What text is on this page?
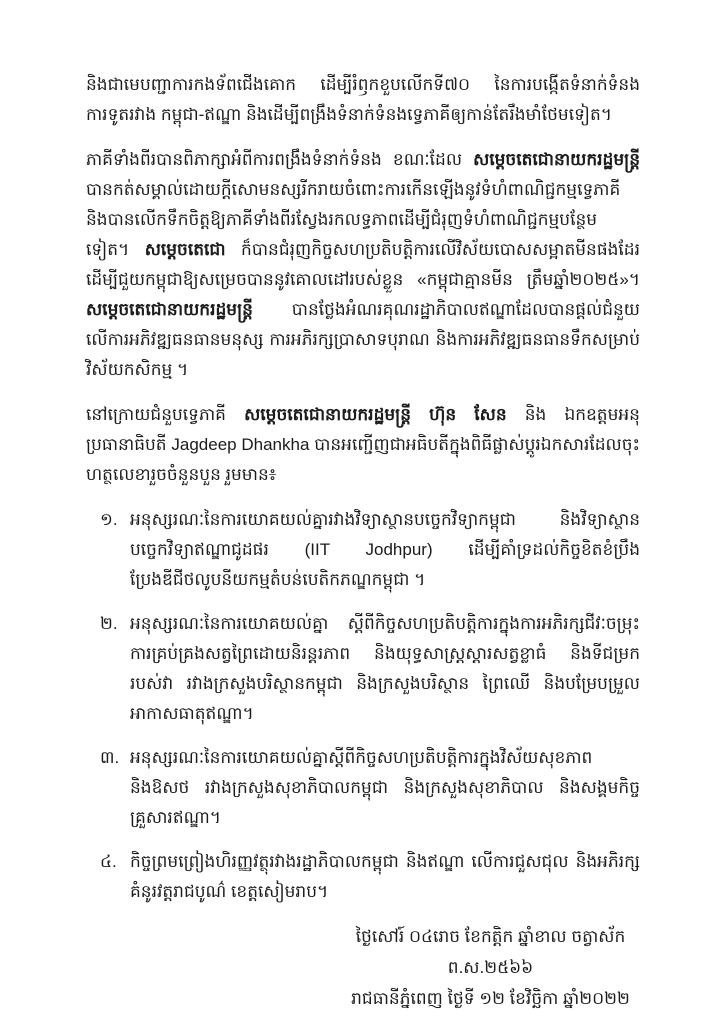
និងជាមេបញ្ជាការកងទ័ពជើងគោក ដើម្បីរំឭកខួបលើកទី៧០ នៃការបង្កើតទំនាក់ទំនងការទូតរវាង កម្ពុជា-ឥណ្ឌា និងដើម្បីពង្រឹងទំនាក់ទំនងទ្វេភាគីឲ្យកាន់តែរឹងមាំថែមទៀត។

ភាគីទាំងពីរបានពិភាក្សាអំពីការពង្រឹងទំនាក់ទំនង ខណៈដែល សម្តេចតេជោនាយករដ្ឋមន្ត្រី បានកត់សម្គាល់ដោយក្តីសោមនស្សរីករាយចំពោះការកើនឡើងនូវទំហំពាណិជ្ជកម្មទ្វេភាគី និងបានលើកទឹកចិត្តឱ្យភាគីទាំងពីរស្វែងរកលទ្ធភាពដើម្បីជំរុញទំហំពាណិជ្ជកម្មបន្ថែមទៀត។ សម្តេចតេជោ ក៏បានជំរុញកិច្ចសហប្រតិបត្តិការលើវិស័យបោសសម្អាតមីនផងដែរ ដើម្បីជួយកម្ពុជាឱ្យសម្រេចបាននូវគោលដៅរបស់ខ្លួន «កម្ពុជាគ្មានមីន ត្រឹមឆ្នាំ២០២៥»។ សម្តេចតេជោនាយករដ្ឋមន្ត្រី បានថ្លែងអំណរគុណរដ្ឋាភិបាលឥណ្ឌាដែលបានផ្តល់ជំនួយលើការអភិវឌ្ឍធនធានមនុស្ស ការអភិរក្សប្រាសាទបុរាណ និងការអភិវឌ្ឍធនធានទឹកសម្រាប់វិស័យកសិកម្ម ។

នៅក្រោយជំនួបទ្វេភាគី សម្តេចតេជោនាយករដ្ឋមន្ត្រី ហ៊ុន សែន និង ឯកឧត្តមអនុប្រធានាធិបតី Jagdeep Dhankha បានអញ្ជើញជាអធិបតីក្នុងពិធីផ្លាស់ប្តូរឯកសារដែលចុះហត្ថលេខារួចចំនួនបួន រួមមាន៖

១. អនុស្សរណៈនៃការយោគយល់គ្នារវាងវិទ្យាស្ថានបច្ចេកវិទ្យាកម្ពុជា និងវិទ្យាស្ថានបច្ចេកវិទ្យាឥណ្ឌាជូដផរ (IIT Jodhpur) ដើម្បីគាំទ្រដល់កិច្ចខិតខំប្រឹងប្រែងឌីជីថលូបនីយកម្មតំបន់បេតិកភណ្ឌកម្ពុជា ។
២. អនុស្សរណៈនៃការយោគយល់គ្នា ស្តីពីកិច្ចសហប្រតិបត្តិការក្នុងការអភិរក្សជីវៈចម្រុះ ការគ្រប់គ្រងសត្វព្រៃដោយនិរន្តរភាព និងយុទ្ធសាស្ត្រស្តារសត្វខ្លាធំ និងទីជម្រករបស់វា រវាងក្រសួងបរិស្ថានកម្ពុជា និងក្រសួងបរិស្ថាន ព្រៃឈើ និងបម្រែបម្រួលអាកាសធាតុឥណ្ឌា។
៣. អនុស្សរណៈនៃការយោគយល់គ្នាស្តីពីកិច្ចសហប្រតិបត្តិការក្នុងវិស័យសុខភាព និងឱសថ រវាងក្រសួងសុខាភិបាលកម្ពុជា និងក្រសួងសុខាភិបាល និងសង្គមកិច្ចគ្រួសារឥណ្ឌា។
៤. កិច្ចព្រមព្រៀងហិរញ្ញវត្ថុរវាងរដ្ឋាភិបាលកម្ពុជា និងឥណ្ឌា លើការជួសជុល និងអភិរក្សគំនូរវត្តរាជបូណ៌ ខេត្តសៀមរាប។
ថ្ងៃសៅរ៍ ០៤រោច ខែកត្តិក ឆ្នាំខាល ចត្វាស័ក ព.ស.២៥៦៦
រាជធានីភ្នំពេញ ថ្ងៃទី ១២ ខែវិច្ឆិកា ឆ្នាំ២០២២
